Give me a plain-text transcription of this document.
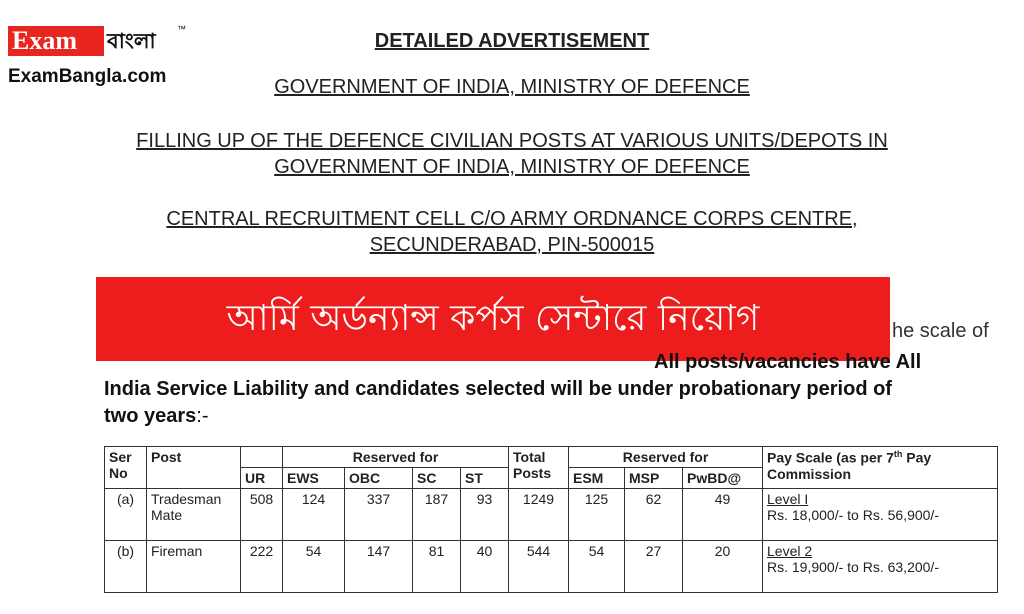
Exam	বাংলা ™
ExamBangla.com
DETAILED ADVERTISEMENT
GOVERNMENT OF INDIA, MINISTRY OF DEFENCE
FILLING UP OF THE DEFENCE CIVILIAN POSTS AT VARIOUS UNITS/DEPOTS IN
GOVERNMENT OF INDIA, MINISTRY OF DEFENCE
CENTRAL RECRUITMENT CELL C/O ARMY ORDNANCE CORPS CENTRE,
SECUNDERABAD, PIN-500015
আর্মি অর্ডন্যান্স কর্পস সেন্টারে নিয়োগ	he scale of
All posts/vacancies have All
India Service Liability and candidates selected will be under probationary period of
two years:-
Ser No	Post		Reserved for				Total Posts	Reserved for			Pay Scale (as per 7th Pay Commission
		UR	EWS	OBC	SC	ST		ESM	MSP	PwBD@	
(a)	Tradesman Mate	508	124	337	187	93	1249	125	62	49	Level I
Rs. 18,000/- to Rs. 56,900/-

(b)	Fireman	222	54	147	81	40	544	54	27	20	Level 2
Rs. 19,900/- to Rs. 63,200/-
